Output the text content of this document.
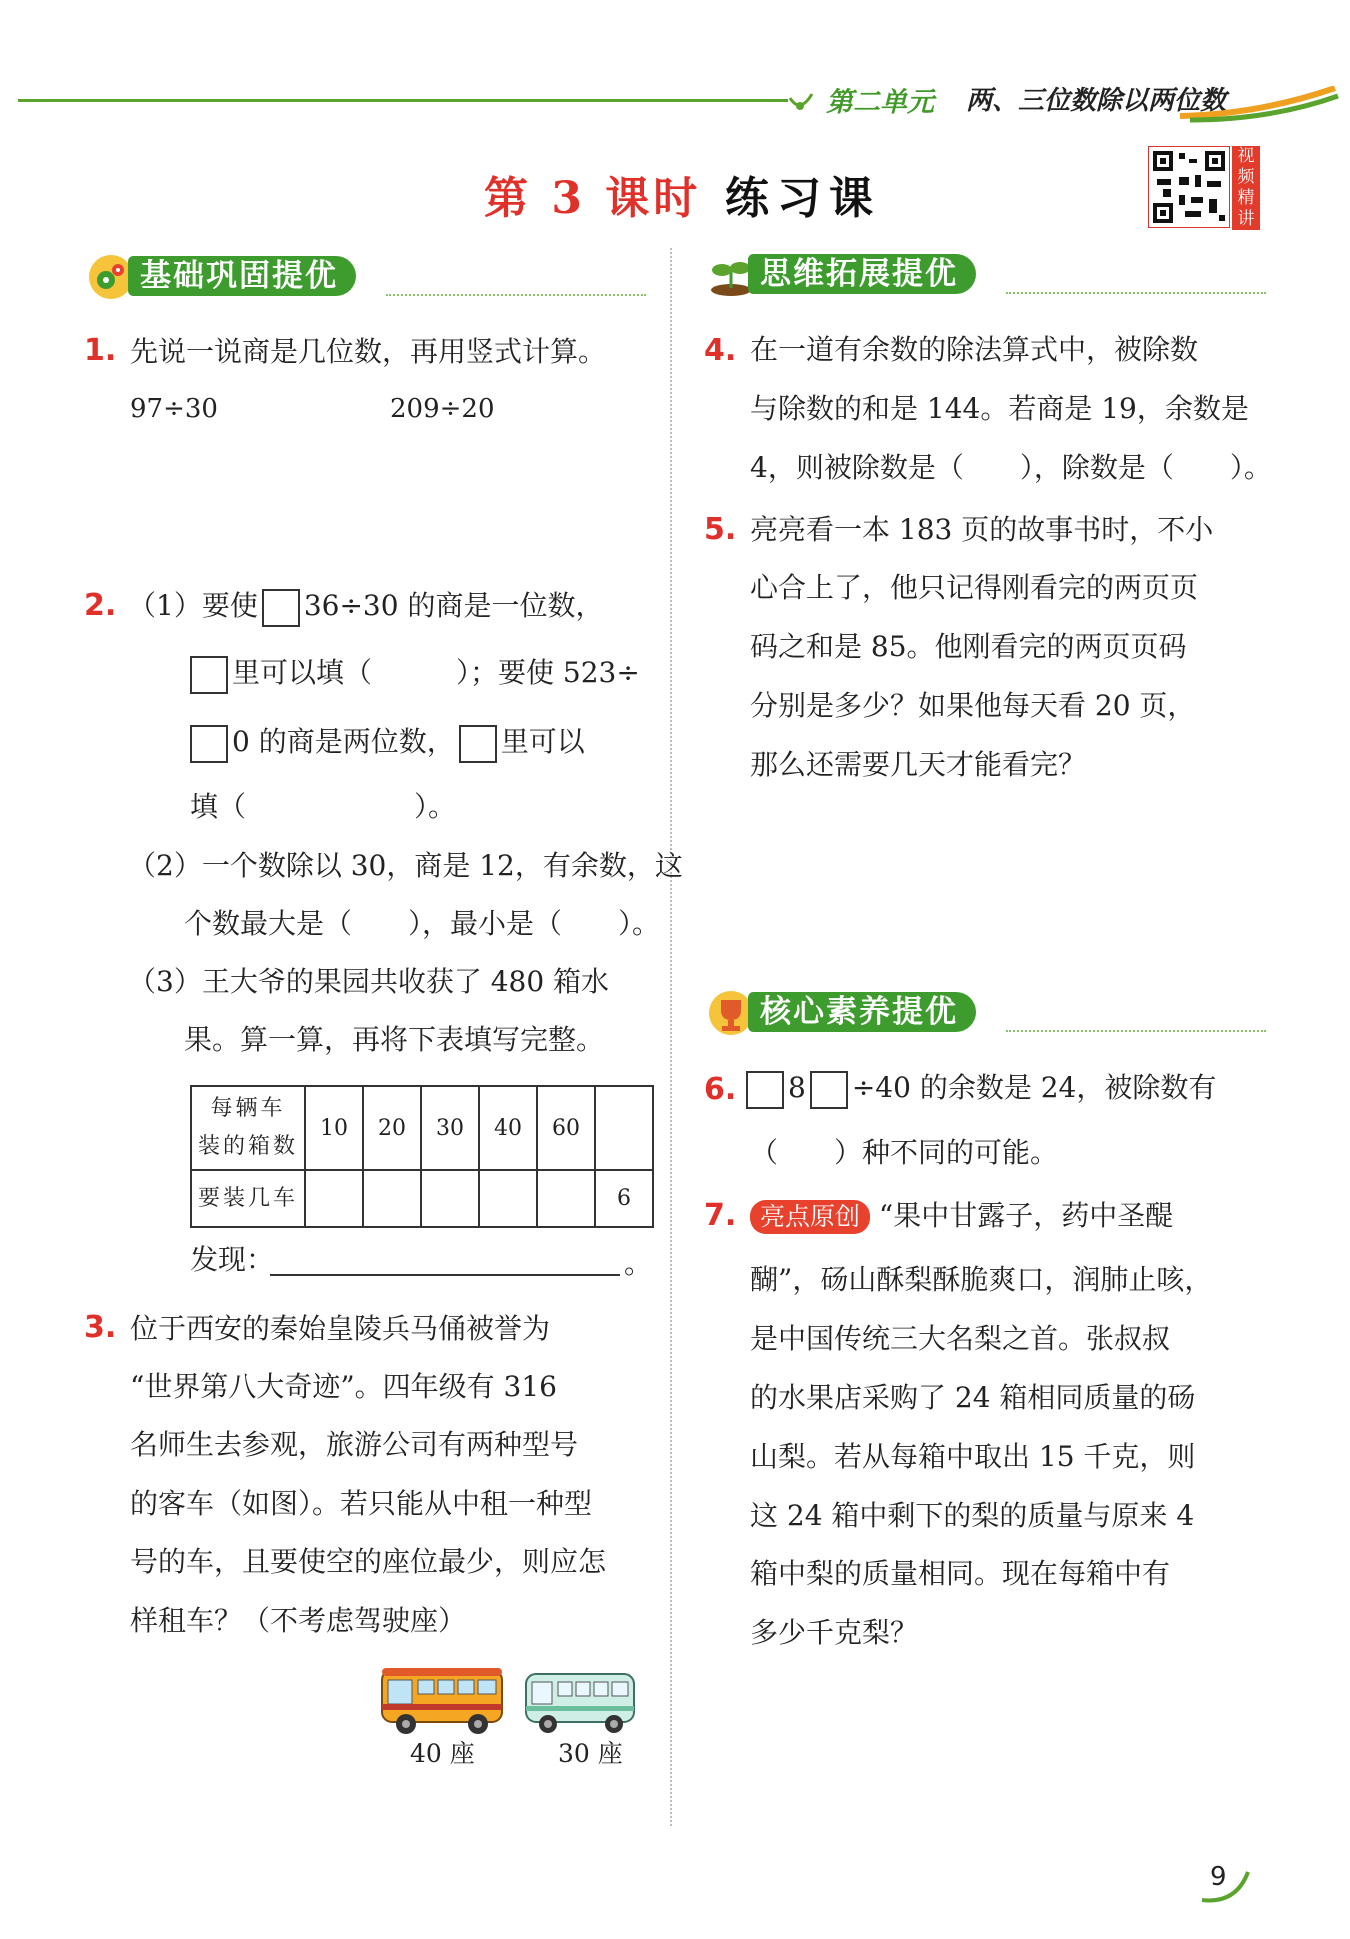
第二单元 两、三位数除以两位数
第 3 课时 练习课
视频精讲
基础巩固提优
1. 先说一说商是几位数，再用竖式计算。
97÷30	209÷20
2. （1）要使 36÷30 的商是一位数，
里可以填（　　　）；要使 523÷
0 的商是两位数， 里可以
填（　　　　　　）。
（2）一个数除以 30，商是 12，有余数，这
个数最大是（　　），最小是（　　）。
（3）王大爷的果园共收获了 480 箱水
果。算一算，再将下表填写完整。
每辆车
装的箱数	10	20	30	40	60	
要装几车						6
发现：	。
3. 位于西安的秦始皇陵兵马俑被誉为
“世界第八大奇迹”。四年级有 316
名师生去参观，旅游公司有两种型号
的客车（如图）。若只能从中租一种型
号的车，且要使空的座位最少，则应怎
样租车？（不考虑驾驶座）
40 座	30 座
思维拓展提优
4. 在一道有余数的除法算式中，被除数
与除数的和是 144。若商是 19，余数是
4，则被除数是（　　），除数是（　　）。
5. 亮亮看一本 183 页的故事书时，不小
心合上了，他只记得刚看完的两页页
码之和是 85。他刚看完的两页页码
分别是多少？如果他每天看 20 页，
那么还需要几天才能看完？
核心素养提优
6.	8 ÷40 的余数是 24，被除数有
（　　）种不同的可能。
7. 亮点原创 “果中甘露子，药中圣醍
醐”，砀山酥梨酥脆爽口，润肺止咳，
是中国传统三大名梨之首。张叔叔
的水果店采购了 24 箱相同质量的砀
山梨。若从每箱中取出 15 千克，则
这 24 箱中剩下的梨的质量与原来 4
箱中梨的质量相同。现在每箱中有
多少千克梨？
9
